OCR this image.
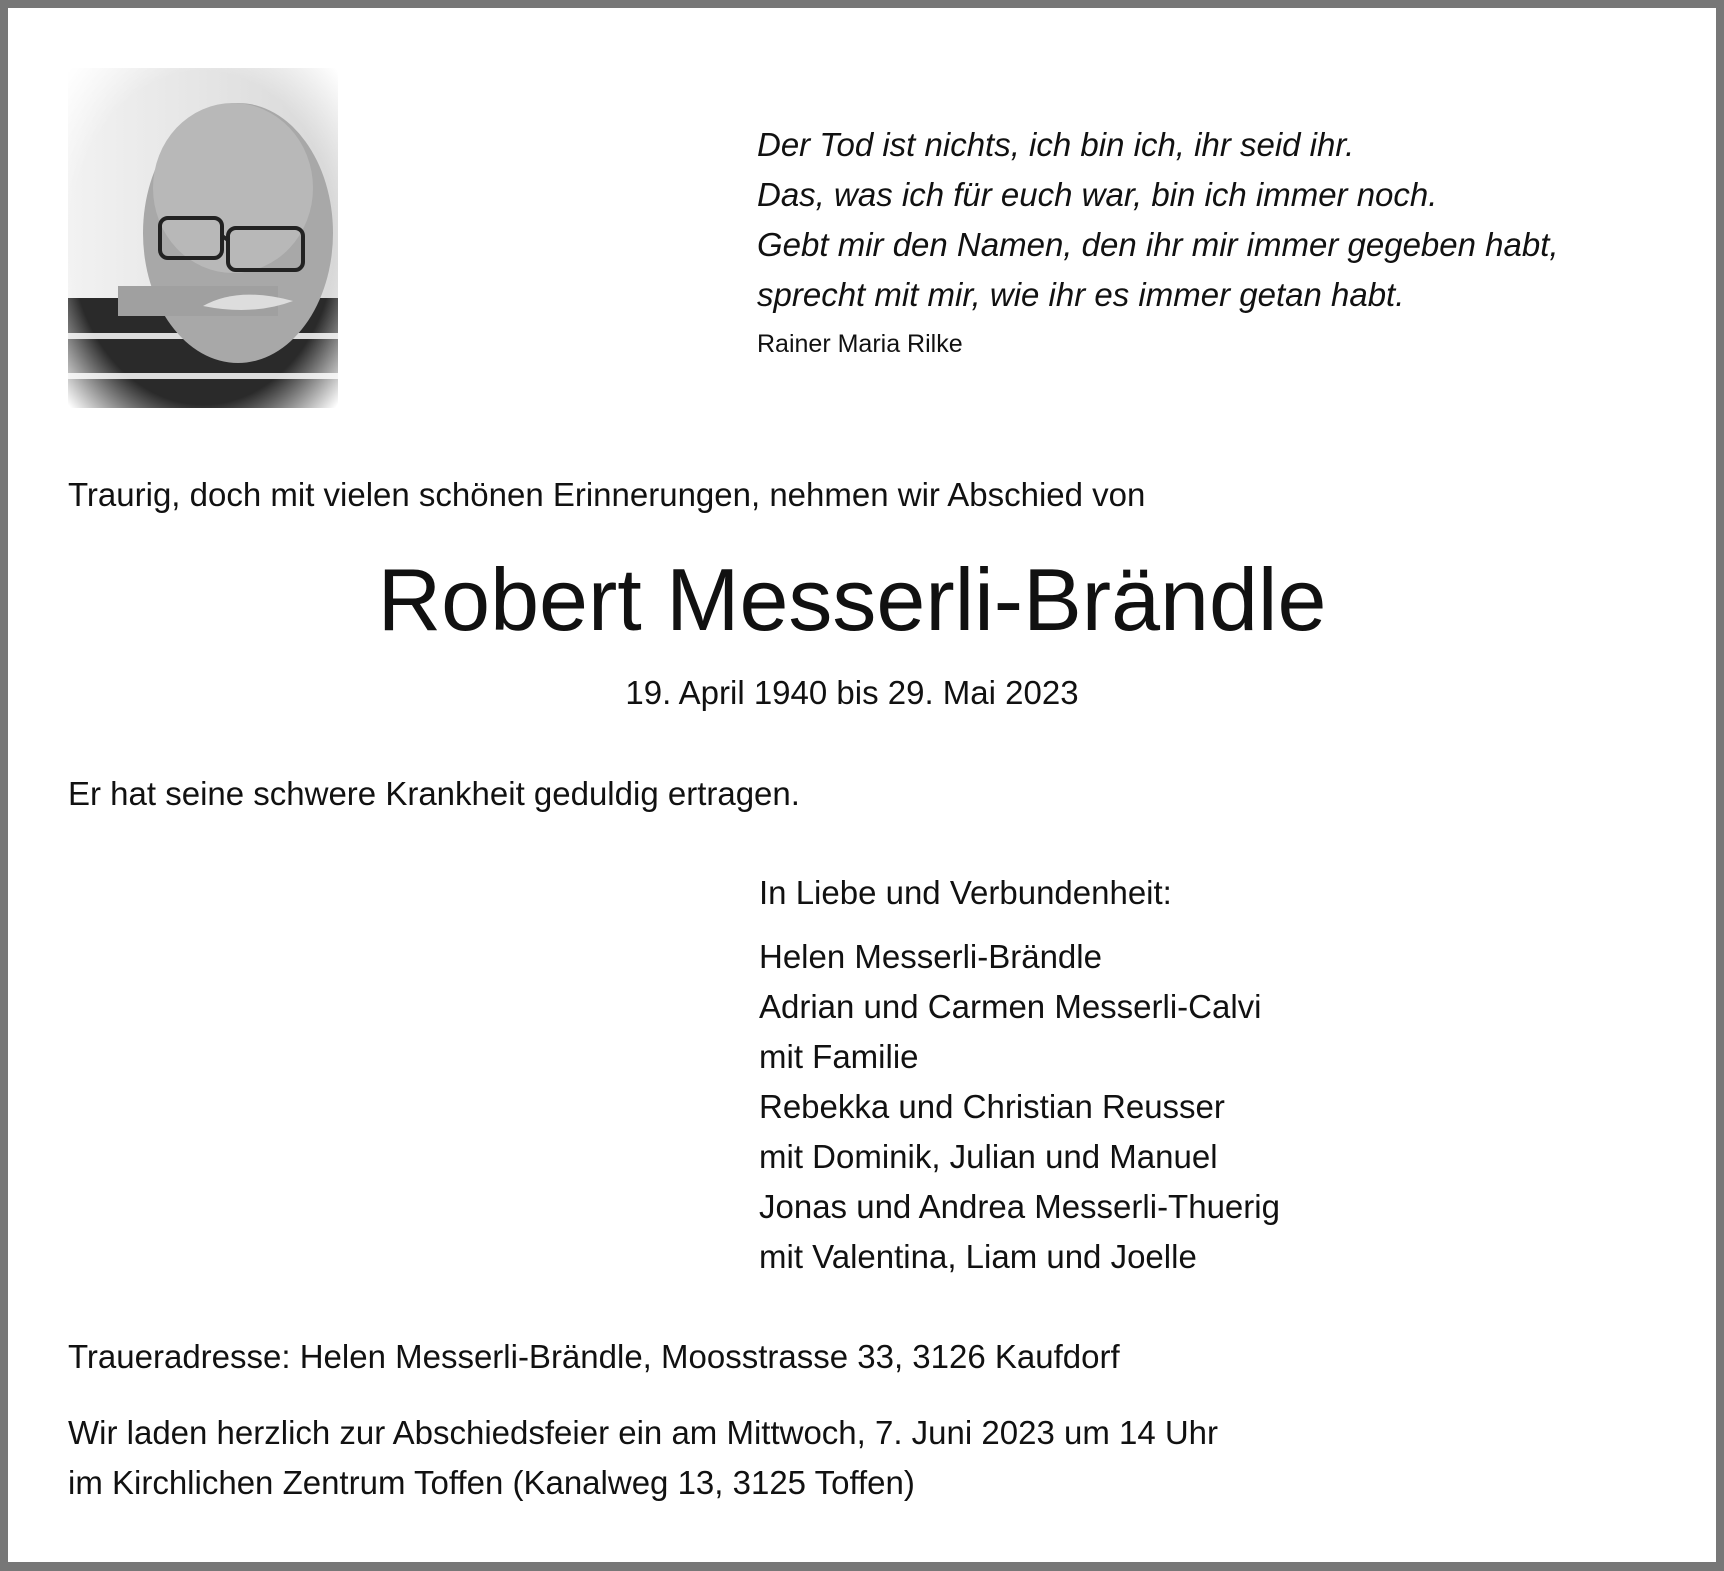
Der Tod ist nichts, ich bin ich, ihr seid ihr.
Das, was ich für euch war, bin ich immer noch.
Gebt mir den Namen, den ihr mir immer gegeben habt,
sprecht mit mir, wie ihr es immer getan habt.
Rainer Maria Rilke
Traurig, doch mit vielen schönen Erinnerungen, nehmen wir Abschied von
Robert Messerli-Brändle
19. April 1940 bis 29. Mai 2023
Er hat seine schwere Krankheit geduldig ertragen.
In Liebe und Verbundenheit:
Helen Messerli-Brändle
Adrian und Carmen Messerli-Calvi
mit Familie
Rebekka und Christian Reusser
mit Dominik, Julian und Manuel
Jonas und Andrea Messerli-Thuerig
mit Valentina, Liam und Joelle
Traueradresse: Helen Messerli-Brändle, Moosstrasse 33, 3126 Kaufdorf
Wir laden herzlich zur Abschiedsfeier ein am Mittwoch, 7. Juni 2023 um 14 Uhr
im Kirchlichen Zentrum Toffen (Kanalweg 13, 3125 Toffen)
